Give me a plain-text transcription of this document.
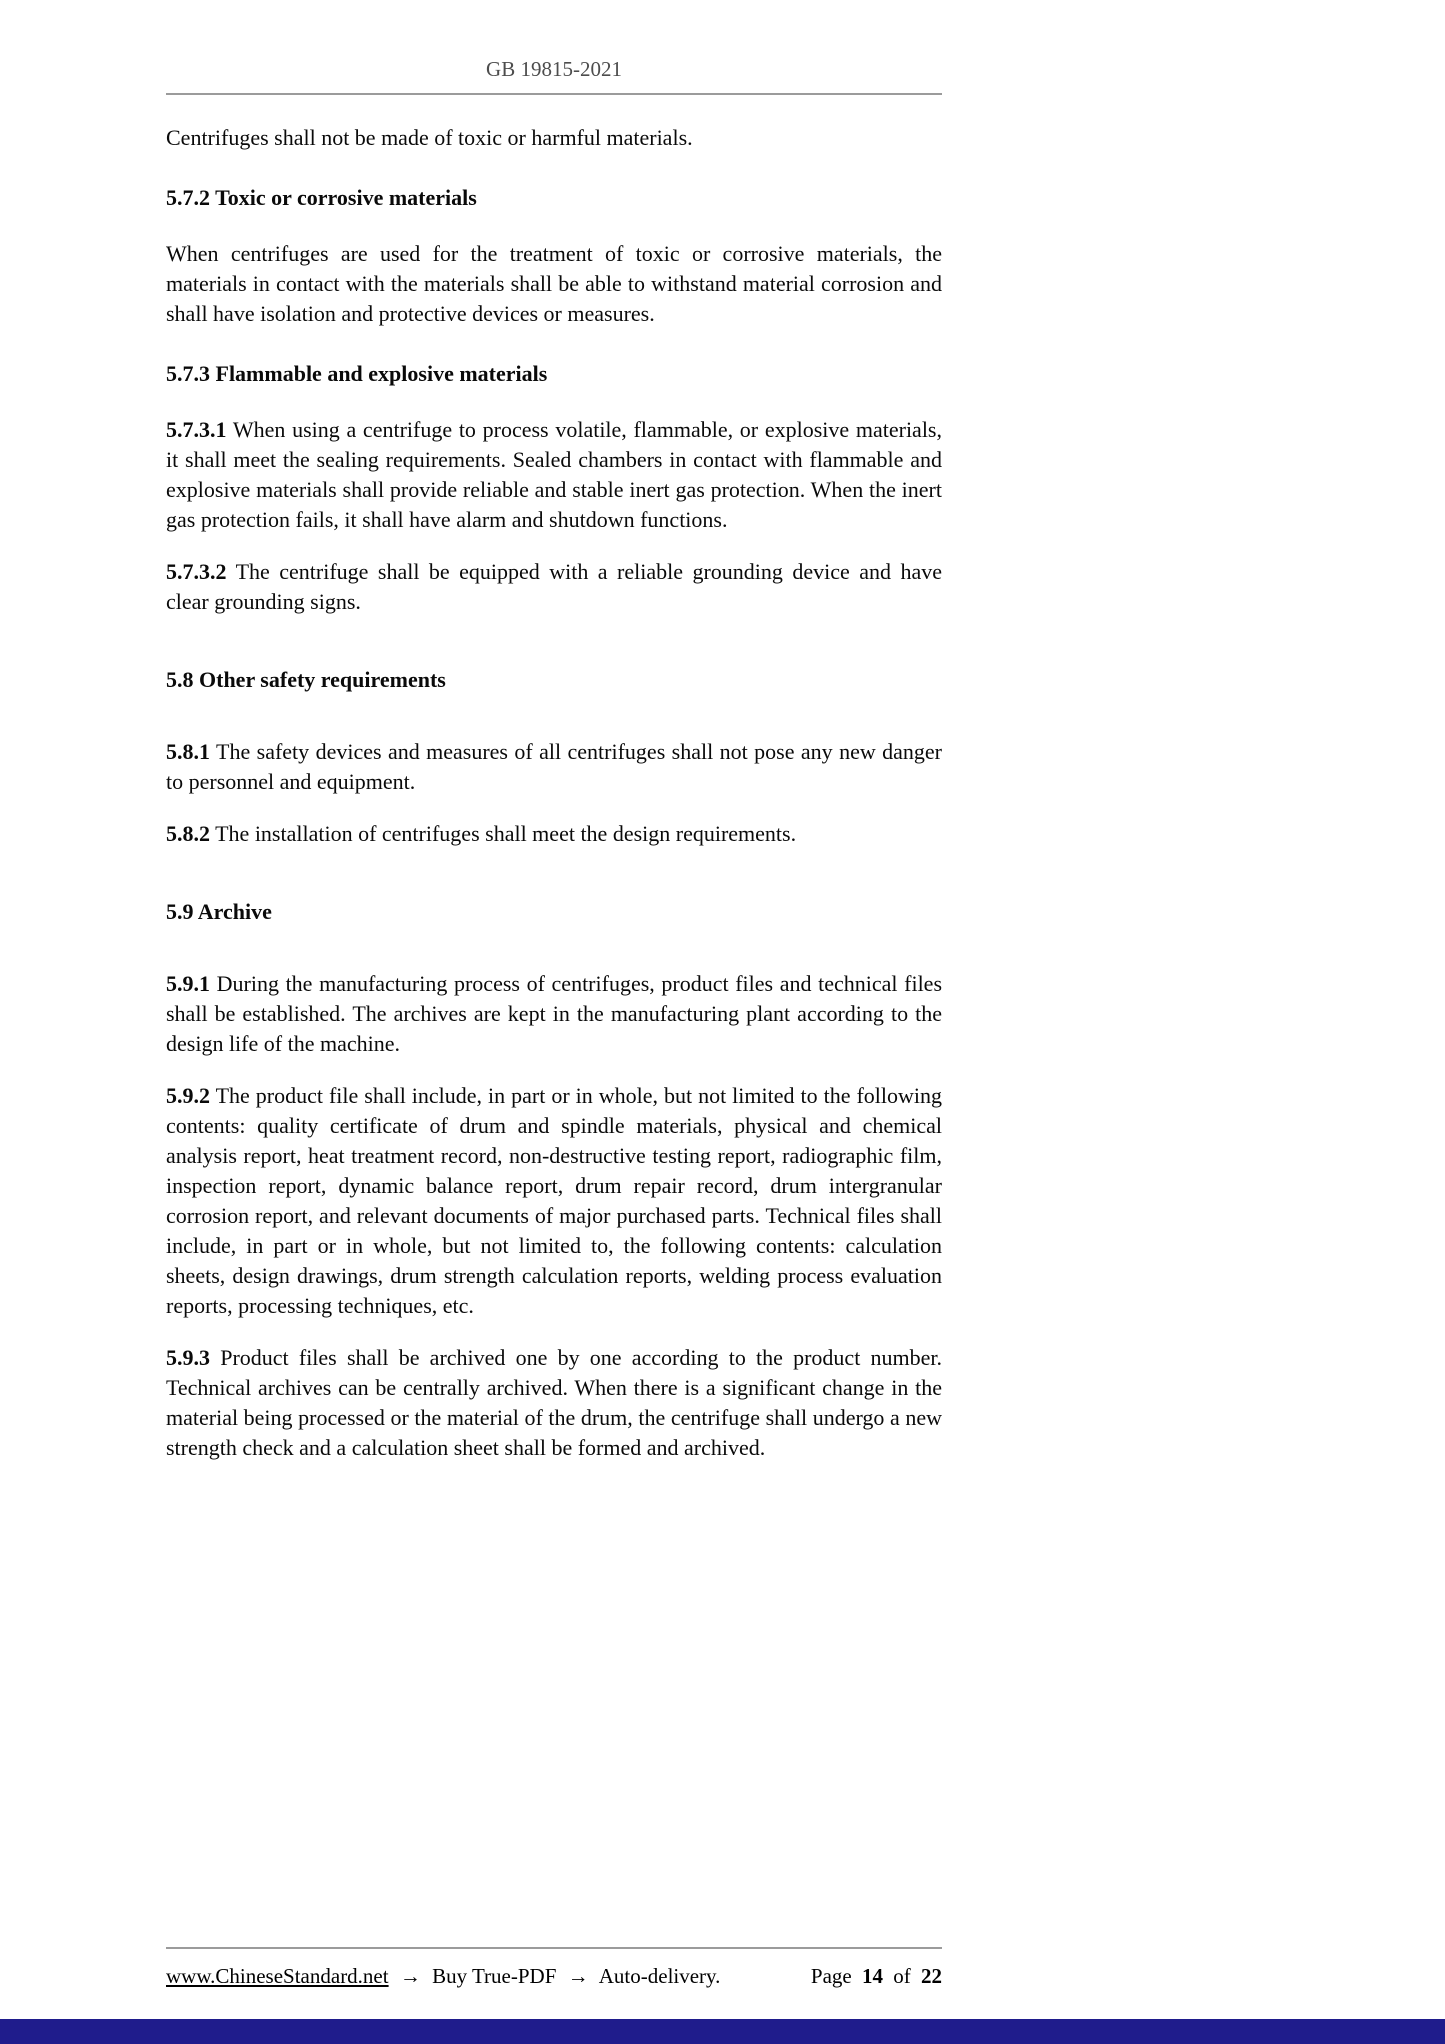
GB 19815-2021

Centrifuges shall not be made of toxic or harmful materials.

5.7.2 Toxic or corrosive materials

When centrifuges are used for the treatment of toxic or corrosive materials, the materials in contact with the materials shall be able to withstand material corrosion and shall have isolation and protective devices or measures.

5.7.3 Flammable and explosive materials

5.7.3.1 When using a centrifuge to process volatile, flammable, or explosive materials, it shall meet the sealing requirements. Sealed chambers in contact with flammable and explosive materials shall provide reliable and stable inert gas protection. When the inert gas protection fails, it shall have alarm and shutdown functions.

5.7.3.2 The centrifuge shall be equipped with a reliable grounding device and have clear grounding signs.

5.8 Other safety requirements

5.8.1 The safety devices and measures of all centrifuges shall not pose any new danger to personnel and equipment.

5.8.2 The installation of centrifuges shall meet the design requirements.

5.9 Archive

5.9.1 During the manufacturing process of centrifuges, product files and technical files shall be established. The archives are kept in the manufacturing plant according to the design life of the machine.

5.9.2 The product file shall include, in part or in whole, but not limited to the following contents: quality certificate of drum and spindle materials, physical and chemical analysis report, heat treatment record, non-destructive testing report, radiographic film, inspection report, dynamic balance report, drum repair record, drum intergranular corrosion report, and relevant documents of major purchased parts. Technical files shall include, in part or in whole, but not limited to, the following contents: calculation sheets, design drawings, drum strength calculation reports, welding process evaluation reports, processing techniques, etc.

5.9.3 Product files shall be archived one by one according to the product number. Technical archives can be centrally archived. When there is a significant change in the material being processed or the material of the drum, the centrifuge shall undergo a new strength check and a calculation sheet shall be formed and archived.

www.ChineseStandard.net → Buy True-PDF → Auto-delivery.	Page 14 of 22
